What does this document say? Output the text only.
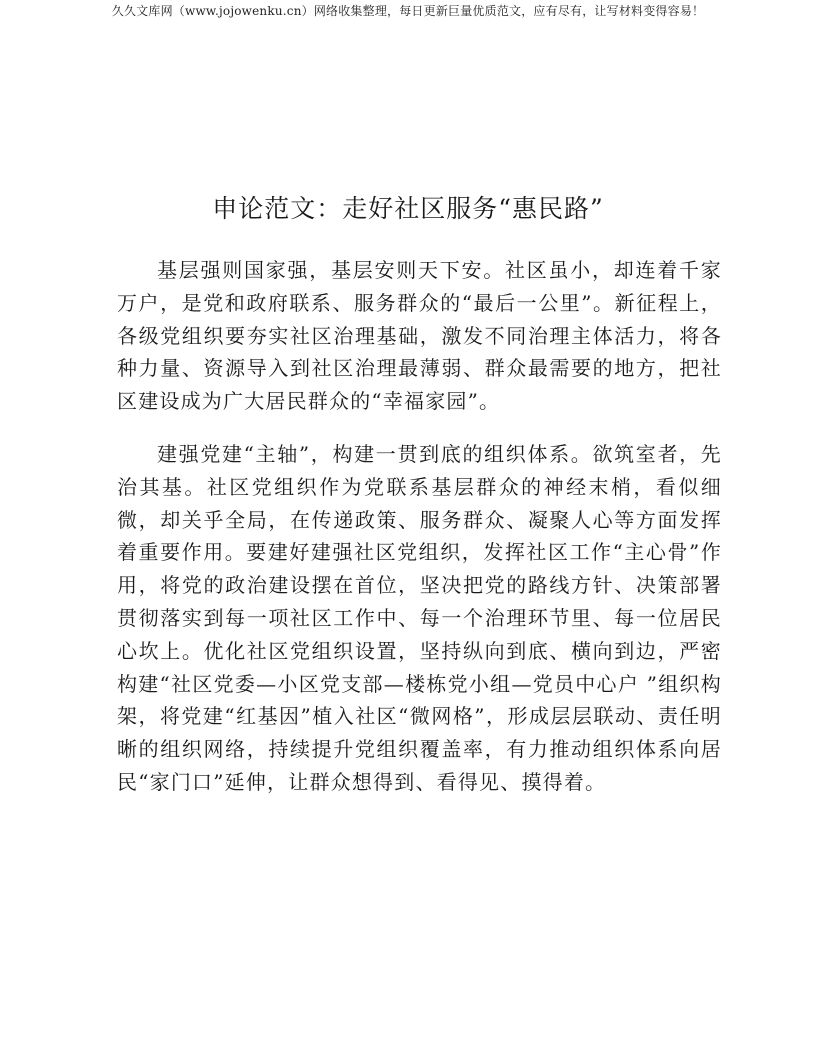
久久文库网（www.jojowenku.cn）网络收集整理，每日更新巨量优质范文，应有尽有，让写材料变得容易！
申论范文：走好社区服务“惠民路”

基层强则国家强，基层安则天下安。社区虽小，却连着千家万户，是党和政府联系、服务群众的“最后一公里”。新征程上，各级党组织要夯实社区治理基础，激发不同治理主体活力，将各种力量、资源导入到社区治理最薄弱、群众最需要的地方，把社区建设成为广大居民群众的“幸福家园”。

建强党建“主轴”，构建一贯到底的组织体系。欲筑室者，先治其基。社区党组织作为党联系基层群众的神经末梢，看似细微，却关乎全局，在传递政策、服务群众、凝聚人心等方面发挥着重要作用。要建好建强社区党组织，发挥社区工作“主心骨”作用，将党的政治建设摆在首位，坚决把党的路线方针、决策部署贯彻落实到每一项社区工作中、每一个治理环节里、每一位居民心坎上。优化社区党组织设置，坚持纵向到底、横向到边，严密构建“社区党委—小区党支部—楼栋党小组—党员中心户 ”组织构架，将党建“红基因”植入社区“微网格”，形成层层联动、责任明晰的组织网络，持续提升党组织覆盖率，有力推动组织体系向居民“家门口”延伸，让群众想得到、看得见、摸得着。
